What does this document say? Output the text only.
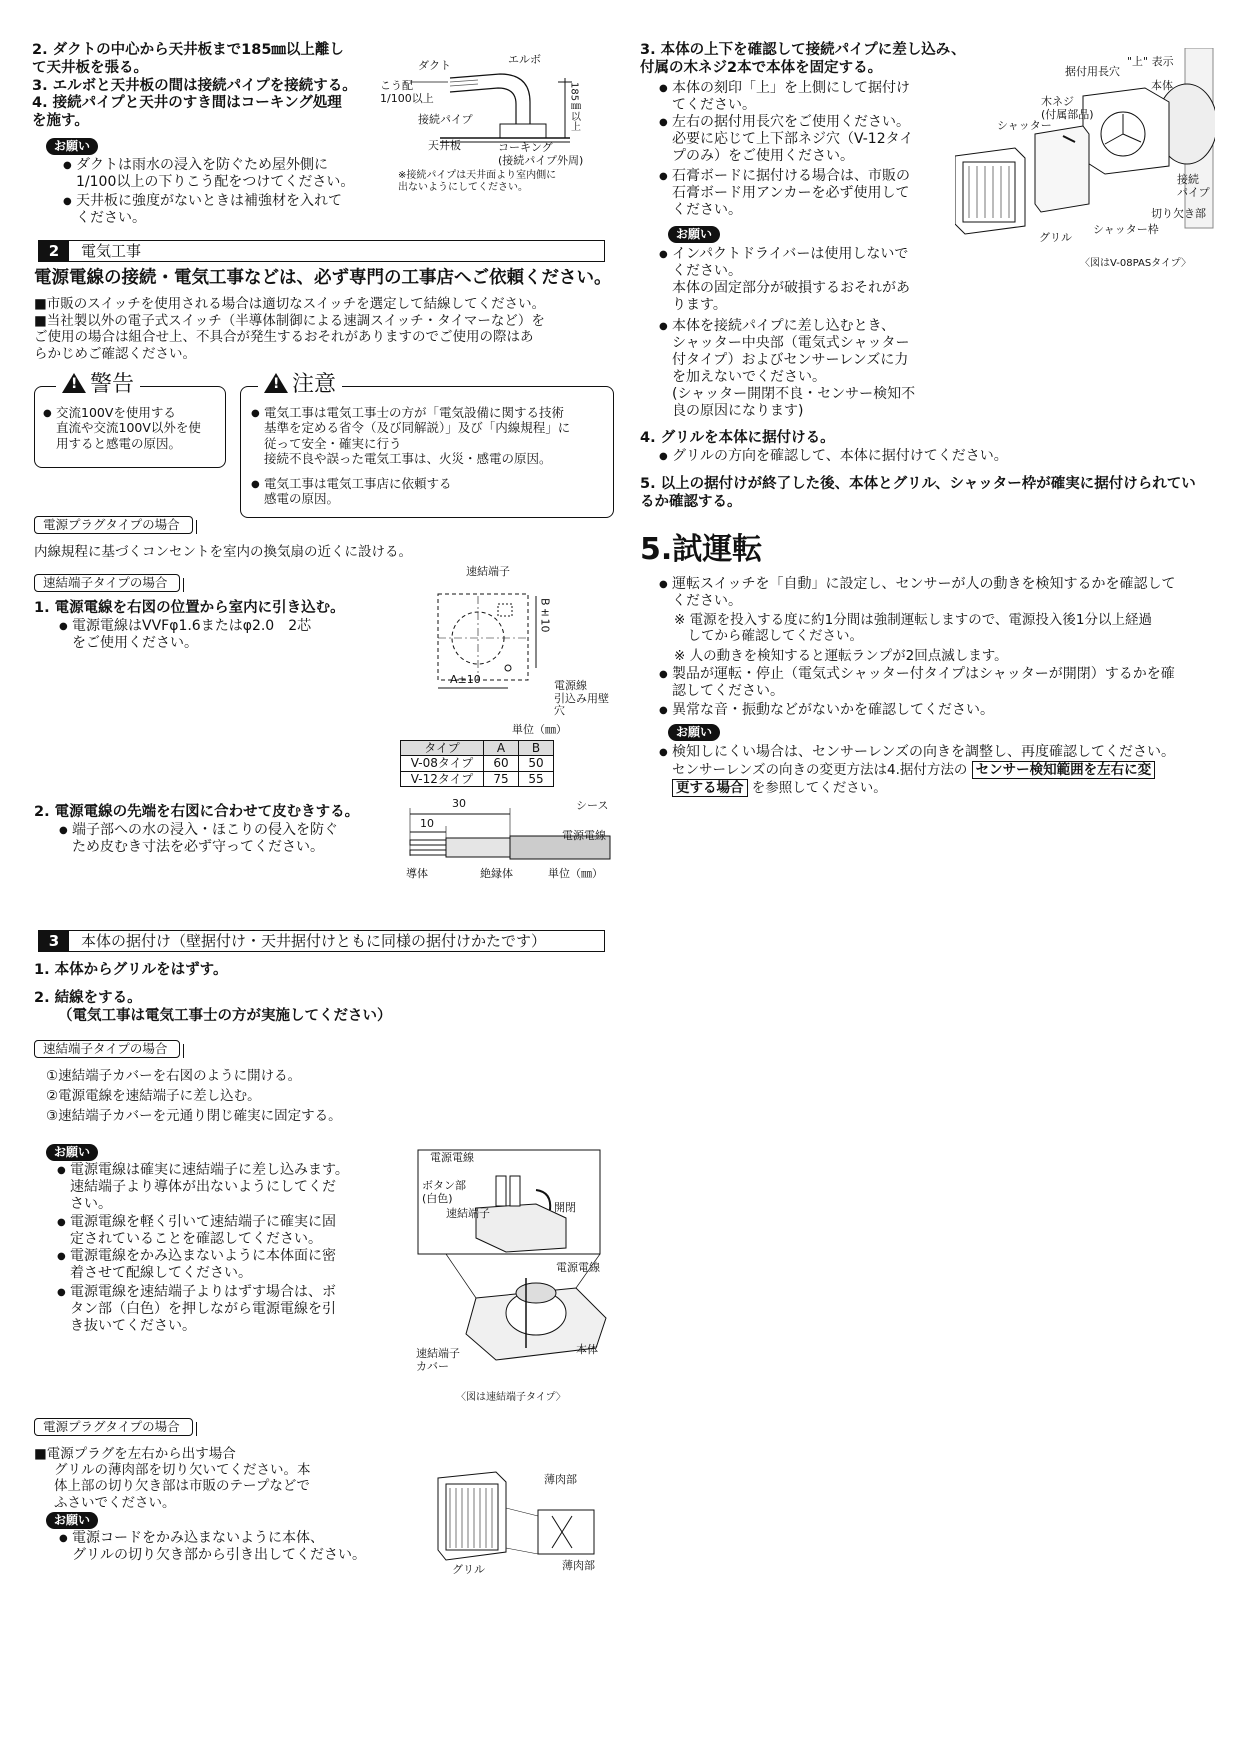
2. ダクトの中心から天井板まで185㎜以上離し
て天井板を張る。
3. エルボと天井板の間は接続パイプを接続する。
4. 接続パイプと天井のすき間はコーキング処理
を施す。
お願い
● ダクトは雨水の浸入を防ぐため屋外側に
1/100以上の下りこう配をつけてください。
● 天井板に強度がないときは補強材を入れて
ください。
ダクト	エルボ
こう配
1/100以上	185㎜以上
接続パイプ
天井板	コーキング
(接続パイプ外周)
※接続パイプは天井面より室内側に
出ないようにしてください。
2	電気工事
電源電線の接続・電気工事などは、必ず専門の工事店へご依頼ください。
■市販のスイッチを使用される場合は適切なスイッチを選定して結線してください。
■当社製以外の電子式スイッチ（半導体制御による速調スイッチ・タイマーなど）を
ご使用の場合は組合せ上、不具合が発生するおそれがありますのでご使用の際はあ
らかじめご確認ください。
!警告
● 交流100Vを使用する
直流や交流100V以外を使
用すると感電の原因。
!注意
● 電気工事は電気工事士の方が「電気設備に関する技術
基準を定める省令（及び同解説）」及び「内線規程」に
従って安全・確実に行う
接続不良や誤った電気工事は、火災・感電の原因。
● 電気工事は電気工事店に依頼する
感電の原因。
電源プラグタイプの場合
内線規程に基づくコンセントを室内の換気扇の近くに設ける。
速結端子タイプの場合
1. 電源電線を右図の位置から室内に引き込む。
● 電源電線はVVFφ1.6またはφ2.0　2芯
をご使用ください。
速結端子
B±10
A±10	電源線
引込み用壁穴
単位（㎜）
タイプ	A	B
V-08タイプ	60	50
V-12タイプ	75	55
2. 電源電線の先端を右図に合わせて皮むきする。
● 端子部への水の浸入・ほこりの侵入を防ぐ
ため皮むき寸法を必ず守ってください。
30
10
シース
電源電線
導体	絶縁体	単位（㎜）
3	本体の据付け（壁据付け・天井据付けともに同様の据付けかたです）
1. 本体からグリルをはずす。
2. 結線をする。
（電気工事は電気工事士の方が実施してください）
速結端子タイプの場合
①速結端子カバーを右図のように開ける。
②電源電線を速結端子に差し込む。
③速結端子カバーを元通り閉じ確実に固定する。
お願い
● 電源電線は確実に速結端子に差し込みます。
速結端子より導体が出ないようにしてくだ
さい。
● 電源電線を軽く引いて速結端子に確実に固
定されていることを確認してください。
● 電源電線をかみ込まないように本体面に密
着させて配線してください。
● 電源電線を速結端子よりはずす場合は、ボ
タン部（白色）を押しながら電源電線を引
き抜いてください。
電源電線
ボタン部
(白色)
速結端子	開閉
電源電線
本体
速結端子
カバー
〈図は速結端子タイプ〉
電源プラグタイプの場合
■電源プラグを左右から出す場合
グリルの薄肉部を切り欠いてください。本
体上部の切り欠き部は市販のテープなどで
ふさいでください。
お願い
● 電源コードをかみ込まないように本体、
グリルの切り欠き部から引き出してください。
薄肉部
薄肉部
グリル
3. 本体の上下を確認して接続パイプに差し込み、
付属の木ネジ2本で本体を固定する。
● 本体の刻印「上」を上側にして据付け
てください。
● 左右の据付用長穴をご使用ください。
必要に応じて上下部ネジ穴（V-12タイ
プのみ）をご使用ください。
● 石膏ボードに据付ける場合は、市販の
石膏ボード用アンカーを必ず使用して
ください。
お願い
● インパクトドライバーは使用しないで
ください。
本体の固定部分が破損するおそれがあ
ります。
● 本体を接続パイプに差し込むとき、
シャッター中央部（電気式シャッター
付タイプ）およびセンサーレンズに力
を加えないでください。
(シャッター開閉不良・センサー検知不
良の原因になります)
据付用長穴
"上" 表示
本体
木ネジ
(付属部品)
シャッター
接続
パイプ
切り欠き部
シャッター枠
グリル
〈図はV-08PASタイプ〉
4. グリルを本体に据付ける。
● グリルの方向を確認して、本体に据付けてください。
5. 以上の据付けが終了した後、本体とグリル、シャッター枠が確実に据付けられてい
るか確認する。
5.試運転
● 運転スイッチを「自動」に設定し、センサーが人の動きを検知するかを確認して
ください。
※ 電源を投入する度に約1分間は強制運転しますので、電源投入後1分以上経過
　してから確認してください。
※ 人の動きを検知すると運転ランプが2回点滅します。
● 製品が運転・停止（電気式シャッター付タイプはシャッターが開閉）するかを確
認してください。
● 異常な音・振動などがないかを確認してください。
お願い
● 検知しにくい場合は、センサーレンズの向きを調整し、再度確認してください。
センサーレンズの向きの変更方法は4.据付方法の センサー検知範囲を左右に変
更する場合 を参照してください。
